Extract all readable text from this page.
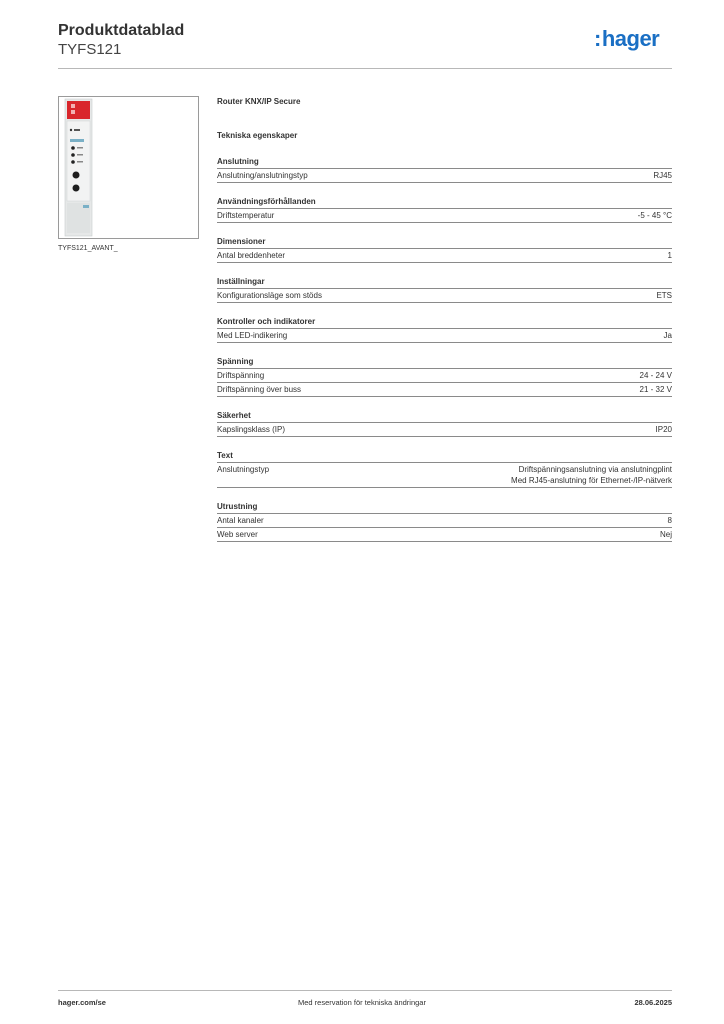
Produktdatablad
TYFS121	:hager
TYFS121_AVANT_
Router KNX/IP Secure
Tekniska egenskaper
Anslutning
Anslutning/anslutningstyp	RJ45
Användningsförhållanden
Driftstemperatur	-5 - 45 °C
Dimensioner
Antal breddenheter	1
Inställningar
Konfigurationsläge som stöds	ETS
Kontroller och indikatorer
Med LED-indikering	Ja
Spänning
Driftspänning	24 - 24 V
Driftspänning över buss	21 - 32 V
Säkerhet
Kapslingsklass (IP)	IP20
Text
Anslutningstyp	Driftspänningsanslutning via anslutningplint
Med RJ45-anslutning för Ethernet-/IP-nätverk
Utrustning
Antal kanaler	8
Web server	Nej
hager.com/se	Med reservation för tekniska ändringar	28.06.2025
